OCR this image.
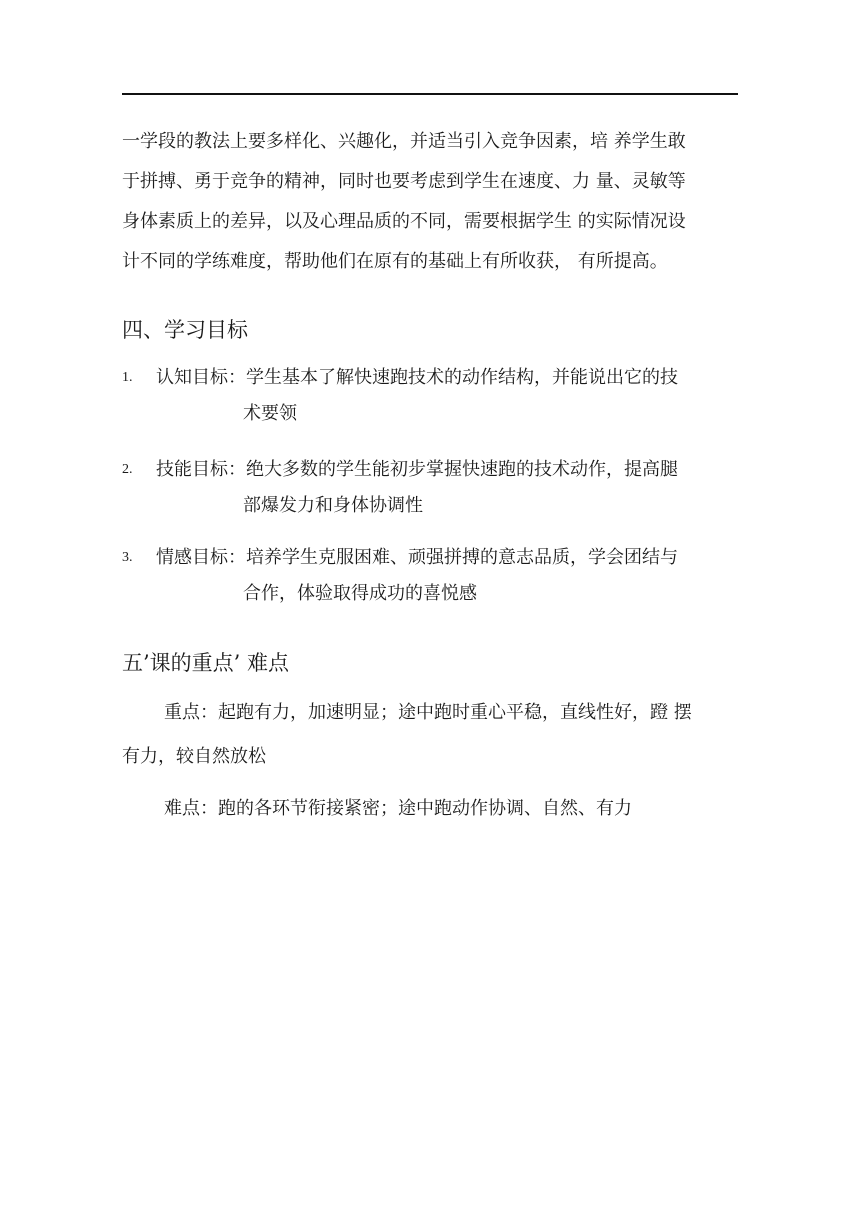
一学段的教法上要多样化、兴趣化，并适当引入竞争因素，培 养学生敢
于拼搏、勇于竞争的精神，同时也要考虑到学生在速度、力 量、灵敏等
身体素质上的差异，以及心理品质的不同，需要根据学生 的实际情况设
计不同的学练难度，帮助他们在原有的基础上有所收获， 有所提高。
四、学习目标
1. 认知目标：学生基本了解快速跑技术的动作结构，并能说出它的技
术要领
2. 技能目标：绝大多数的学生能初步掌握快速跑的技术动作，提高腿
部爆发力和身体协调性
3. 情感目标：培养学生克服困难、顽强拼搏的意志品质，学会团结与
合作，体验取得成功的喜悦感
五’课的重点’ 难点
重点：起跑有力，加速明显；途中跑时重心平稳，直线性好，蹬 摆
有力，较自然放松
难点：跑的各环节衔接紧密；途中跑动作协调、自然、有力
